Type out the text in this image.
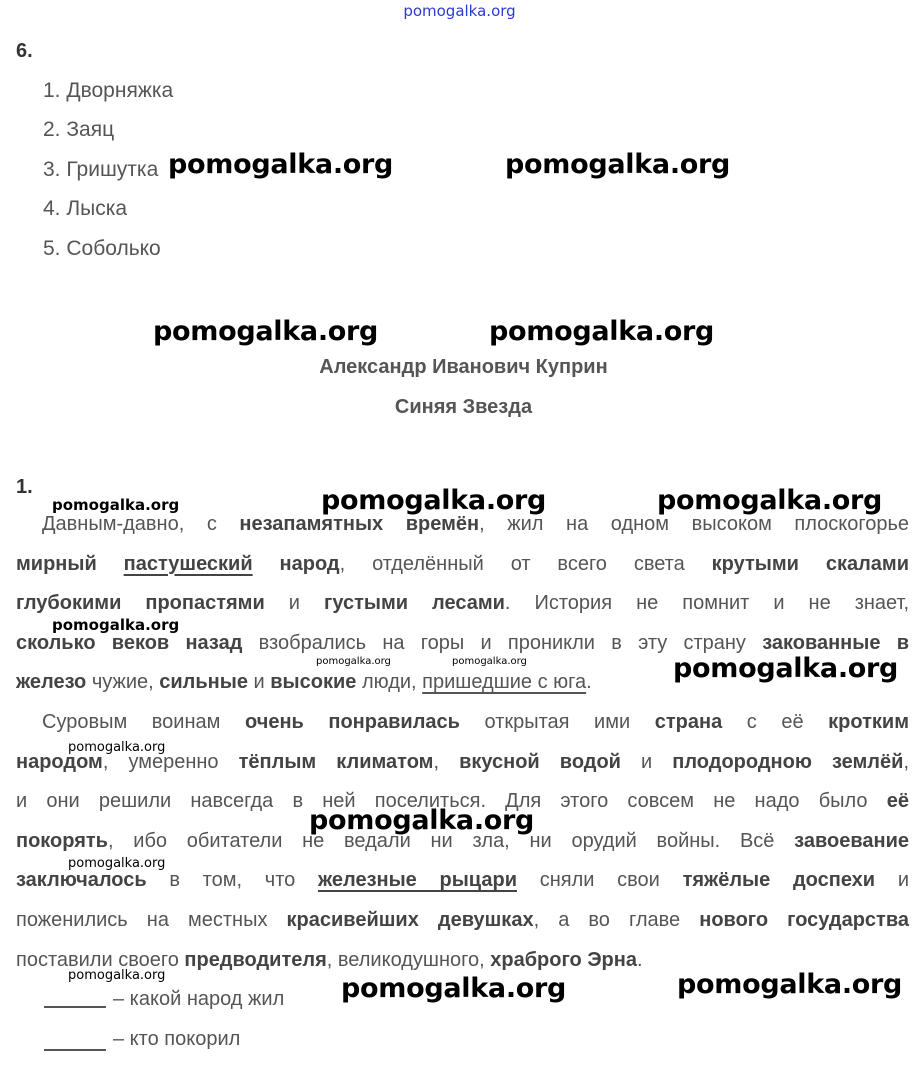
pomogalka.org
6.
1. Дворняжка
2. Заяц
3. Гришутка
4. Лыска
5. Соболько
Александр Иванович Куприн
Синяя Звезда
1.
Давным-давно, с незапамятных времён, жил на одном высоком плоскогорье
мирный пастушеский народ, отделённый от всего света крутыми скалами
глубокими пропастями и густыми лесами. История не помнит и не знает,
сколько веков назад взобрались на горы и проникли в эту страну закованные в
железо чужие, сильные и высокие люди, пришедшие с юга.
Суровым воинам очень понравилась открытая ими страна с её кротким
народом, умеренно тёплым климатом, вкусной водой и плодородною землёй,
и они решили навсегда в ней поселиться. Для этого совсем не надо было её
покорять, ибо обитатели не ведали ни зла, ни орудий войны. Всё завоевание
заключалось в том, что железные рыцари сняли свои тяжёлые доспехи и
поженились на местных красивейших девушках, а во главе нового государства
поставили своего предводителя, великодушного, храброго Эрна.
– какой народ жил
– кто покорил
pomogalka.org	pomogalka.org
pomogalka.org	pomogalka.org
pomogalka.org	pomogalka.org	pomogalka.org
pomogalka.org
pomogalka.org	pomogalka.org	pomogalka.org
pomogalka.org
pomogalka.org
pomogalka.org
pomogalka.org	pomogalka.org	pomogalka.org
